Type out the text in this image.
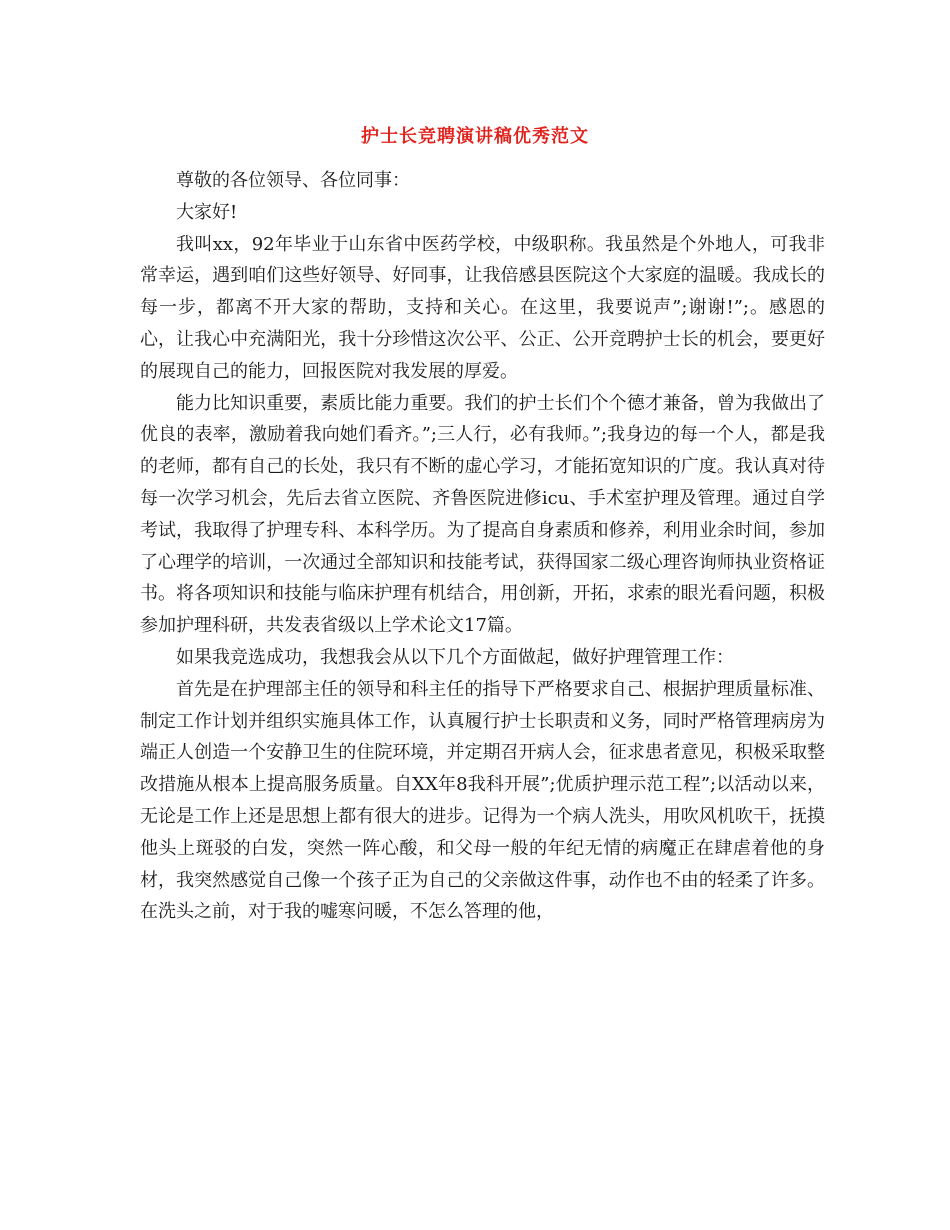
护士长竞聘演讲稿优秀范文

尊敬的各位领导、各位同事：

大家好!

我叫xx，92年毕业于山东省中医药学校，中级职称。我虽然是个外地人，可我非常幸运，遇到咱们这些好领导、好同事，让我倍感县医院这个大家庭的温暖。我成长的每一步，都离不开大家的帮助，支持和关心。在这里，我要说声”;谢谢!”;。感恩的心，让我心中充满阳光，我十分珍惜这次公平、公正、公开竞聘护士长的机会，要更好的展现自己的能力，回报医院对我发展的厚爱。

能力比知识重要，素质比能力重要。我们的护士长们个个德才兼备，曾为我做出了优良的表率，激励着我向她们看齐。”;三人行，必有我师。”;我身边的每一个人，都是我的老师，都有自己的长处，我只有不断的虚心学习，才能拓宽知识的广度。我认真对待每一次学习机会，先后去省立医院、齐鲁医院进修icu、手术室护理及管理。通过自学考试，我取得了护理专科、本科学历。为了提高自身素质和修养，利用业余时间，参加了心理学的培训，一次通过全部知识和技能考试，获得国家二级心理咨询师执业资格证书。将各项知识和技能与临床护理有机结合，用创新，开拓，求索的眼光看问题，积极参加护理科研，共发表省级以上学术论文17篇。

如果我竞选成功，我想我会从以下几个方面做起，做好护理管理工作：

首先是在护理部主任的领导和科主任的指导下严格要求自己、根据护理质量标准、制定工作计划并组织实施具体工作，认真履行护士长职责和义务，同时严格管理病房为端正人创造一个安静卫生的住院环境，并定期召开病人会，征求患者意见，积极采取整改措施从根本上提高服务质量。自XX年8我科开展”;优质护理示范工程”;以活动以来，无论是工作上还是思想上都有很大的进步。记得为一个病人洗头，用吹风机吹干，抚摸他头上斑驳的白发，突然一阵心酸，和父母一般的年纪无情的病魔正在肆虐着他的身材，我突然感觉自己像一个孩子正为自己的父亲做这件事，动作也不由的轻柔了许多。在洗头之前，对于我的嘘寒问暖，不怎么答理的他，
